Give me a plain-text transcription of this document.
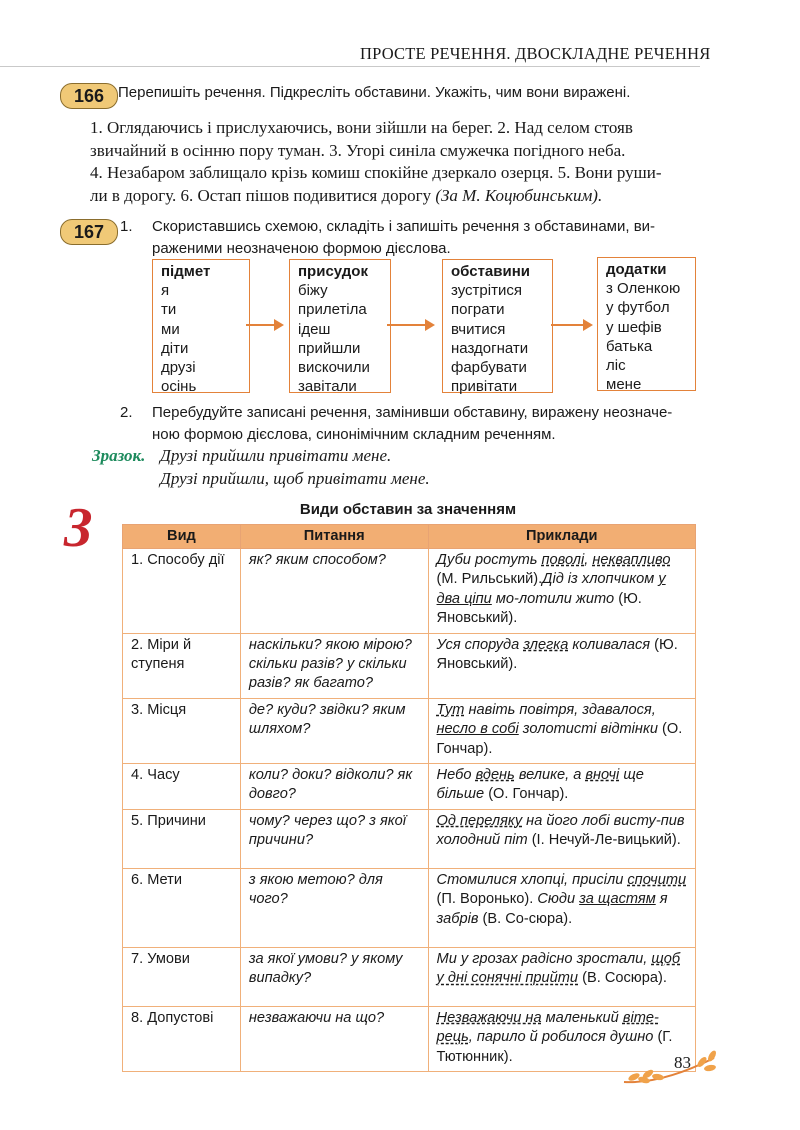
ПРОСТЕ РЕЧЕННЯ. ДВОСКЛАДНЕ РЕЧЕННЯ
166 Перепишіть речення. Підкресліть обставини. Укажіть, чим вони виражені.
1. Оглядаючись і прислухаючись, вони зійшли на берег. 2. Над селом стояв
звичайний в осінню пору туман. 3. Угорі синіла смужечка погідного неба.
4. Незабаром заблищало крізь комиш спокійне дзеркало озерця. 5. Вони руши-
ли в дорогу. 6. Остап пішов подивитися дорогу (За М. Коцюбинським).
167	1. Скориставшись схемою, складіть і запишіть речення з обставинами, ви-
раженими неозначеною формою дієслова.
підмет
я
ти
ми
діти
друзі
осінь
присудок
біжу
прилетіла
ідеш
прийшли
вискочили
завітали
обставини
зустрітися
пограти
вчитися
наздогнати
фарбувати
привітати
додатки
з Оленкою
у футбол
у шефів
батька
ліс
мене
2. Перебудуйте записані речення, замінивши обставину, виражену неозначе-
ною формою дієслова, синонімічним складним реченням.
Зразок. Друзі прийшли привітати мене.
Друзі прийшли, щоб привітати мене.
З	Види обставин за значенням
Вид	Питання	Приклади
1. Способу дії	як? яким способом?	Дуби ростуть поволі, неквапливо (М. Рильський).Дід із хлопчиком у два ціпи мо-лотили жито (Ю. Яновський).
2. Міри й ступеня	наскільки? якою мірою? скільки разів? у скільки разів? як багато?	Уся споруда злегка коливалася (Ю. Яновський).
3. Місця	де? куди? звідки? яким шляхом?	Тут навіть повітря, здавалося, несло в собі золотисті відтінки (О. Гончар).
4. Часу	коли? доки? відколи? як довго?	Небо вдень велике, а вночі ще більше (О. Гончар).
5. Причини	чому? через що? з якої причини?	Од переляку на його лобі висту-пив холодний піт (І. Нечуй-Ле-вицький).
6. Мети	з якою метою? для чого?	Стомилися хлопці, присіли спочити (П. Воронько). Сюди за щастям я забрів (В. Со-сюра).
7. Умови	за якої умови? у якому випадку?	Ми у грозах радісно зростали, щоб у дні сонячні прийти (В. Сосюра).
8. Допустові	незважаючи на що?	Незважаючи на маленький віте-рець, парило й робилося душно (Г. Тютюнник).	83
